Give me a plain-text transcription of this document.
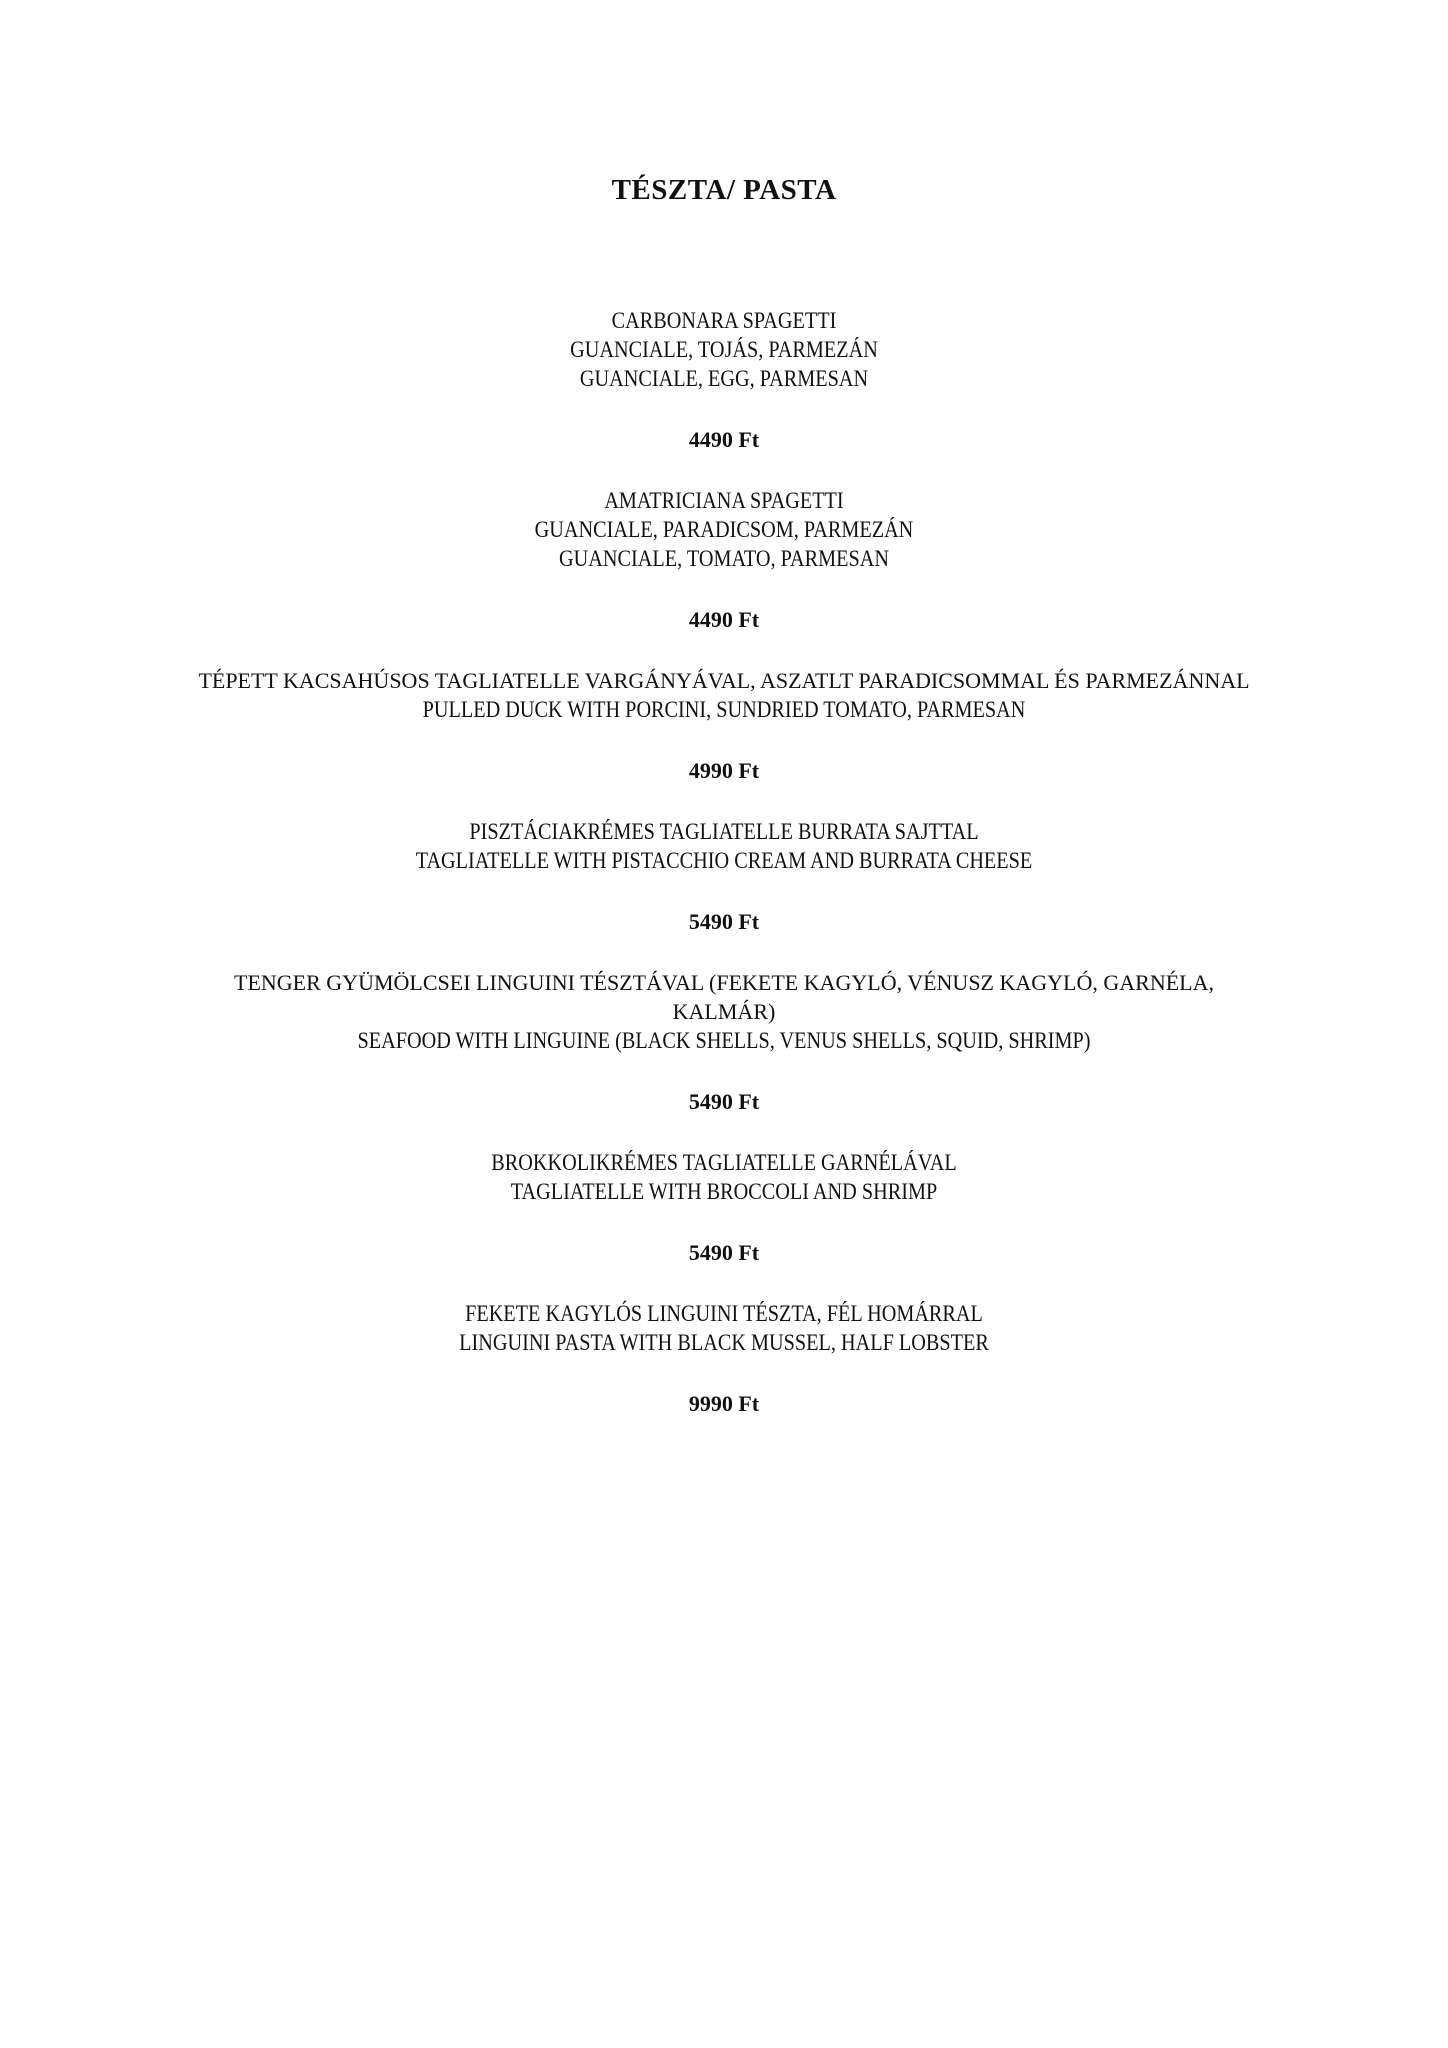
TÉSZTA/ PASTA
CARBONARA SPAGETTI
GUANCIALE, TOJÁS, PARMEZÁN
GUANCIALE, EGG, PARMESAN
4490 Ft
AMATRICIANA SPAGETTI
GUANCIALE, PARADICSOM, PARMEZÁN
GUANCIALE, TOMATO, PARMESAN
4490 Ft
TÉPETT KACSAHÚSOS TAGLIATELLE VARGÁNYÁVAL, ASZATLT PARADICSOMMAL ÉS PARMEZÁNNAL
PULLED DUCK WITH PORCINI, SUNDRIED TOMATO, PARMESAN
4990 Ft
PISZTÁCIAKRÉMES TAGLIATELLE BURRATA SAJTTAL
TAGLIATELLE WITH PISTACCHIO CREAM AND BURRATA CHEESE
5490 Ft
TENGER GYÜMÖLCSEI LINGUINI TÉSZTÁVAL (FEKETE KAGYLÓ, VÉNUSZ KAGYLÓ, GARNÉLA, KALMÁR)
SEAFOOD WITH LINGUINE (BLACK SHELLS, VENUS SHELLS, SQUID, SHRIMP)
5490 Ft
BROKKOLIKRÉMES TAGLIATELLE GARNÉLÁVAL
TAGLIATELLE WITH BROCCOLI AND SHRIMP
5490 Ft
FEKETE KAGYLÓS LINGUINI TÉSZTA, FÉL HOMÁRRAL
LINGUINI PASTA WITH BLACK MUSSEL, HALF LOBSTER
9990 Ft
